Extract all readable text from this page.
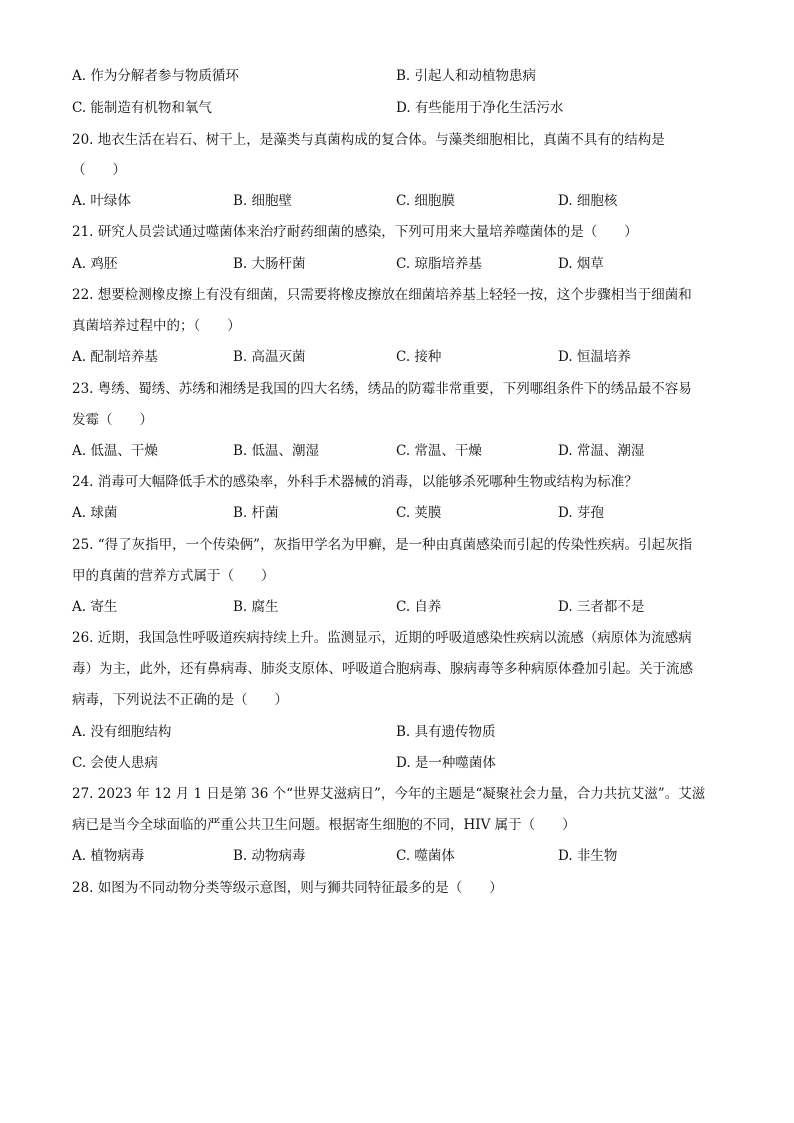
A. 作为分解者参与物质循环	B. 引起人和动植物患病
C. 能制造有机物和氧气	D. 有些能用于净化生活污水
20. 地衣生活在岩石、树干上，是藻类与真菌构成的复合体。与藻类细胞相比，真菌不具有的结构是
（　　）
A. 叶绿体	B. 细胞壁	C. 细胞膜	D. 细胞核
21. 研究人员尝试通过噬菌体来治疗耐药细菌的感染，下列可用来大量培养噬菌体的是（　　）
A. 鸡胚	B. 大肠杆菌	C. 琼脂培养基	D. 烟草
22. 想要检测橡皮擦上有没有细菌，只需要将橡皮擦放在细菌培养基上轻轻一按，这个步骤相当于细菌和
真菌培养过程中的；（　　）
A. 配制培养基	B. 高温灭菌	C. 接种	D. 恒温培养
23. 粤绣、蜀绣、苏绣和湘绣是我国的四大名绣，绣品的防霉非常重要，下列哪组条件下的绣品最不容易
发霉（　　）
A. 低温、干燥	B. 低温、潮湿	C. 常温、干燥	D. 常温、潮湿
24. 消毒可大幅降低手术的感染率，外科手术器械的消毒，以能够杀死哪种生物或结构为标准？
A. 球菌	B. 杆菌	C. 荚膜	D. 芽孢
25. “得了灰指甲，一个传染俩”，灰指甲学名为甲癣，是一种由真菌感染而引起的传染性疾病。引起灰指
甲的真菌的营养方式属于（　　）
A. 寄生	B. 腐生	C. 自养	D. 三者都不是
26. 近期，我国急性呼吸道疾病持续上升。监测显示，近期的呼吸道感染性疾病以流感（病原体为流感病
毒）为主，此外，还有鼻病毒、肺炎支原体、呼吸道合胞病毒、腺病毒等多种病原体叠加引起。关于流感
病毒，下列说法不正确的是（　　）
A. 没有细胞结构	B. 具有遗传物质
C. 会使人患病	D. 是一种噬菌体
27. 2023 年 12 月 1 日是第 36 个“世界艾滋病日”，今年的主题是“凝聚社会力量，合力共抗艾滋”。艾滋
病已是当今全球面临的严重公共卫生问题。根据寄生细胞的不同，HIV 属于（　　）
A. 植物病毒	B. 动物病毒	C. 噬菌体	D. 非生物
28. 如图为不同动物分类等级示意图，则与狮共同特征最多的是（　　）
